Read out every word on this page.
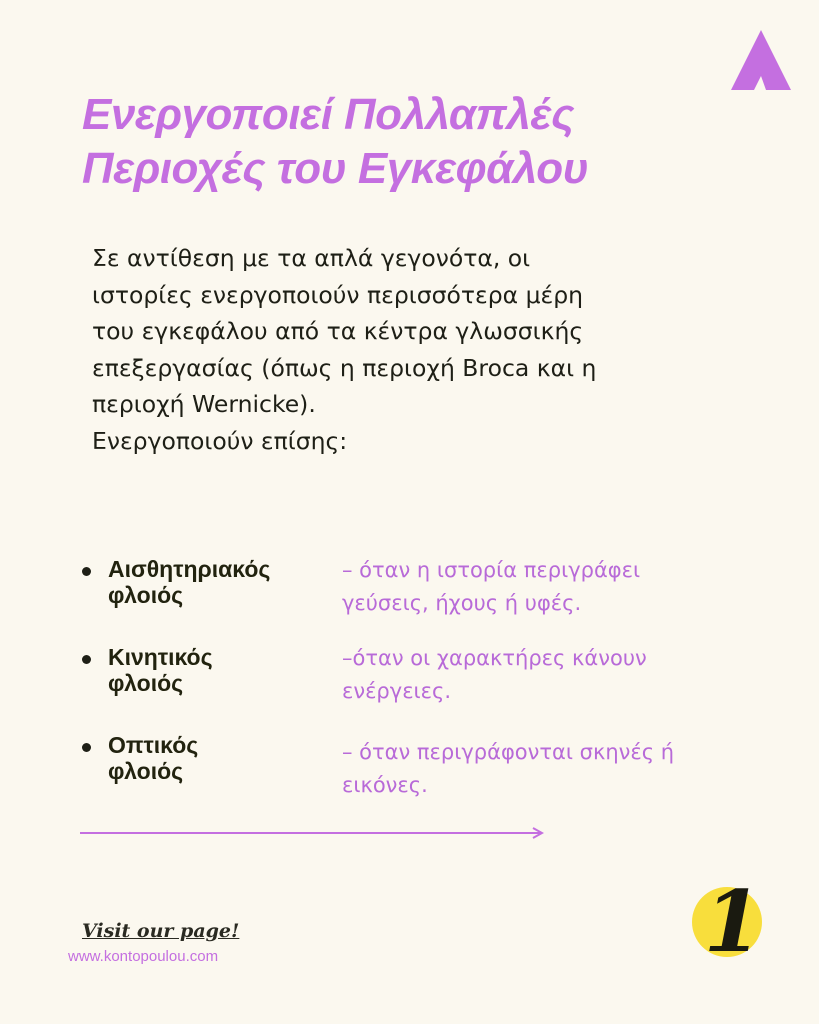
Ενεργοποιεί Πολλαπλές
Περιοχές του Εγκεφάλου
Σε αντίθεση με τα απλά γεγονότα, οι
ιστορίες ενεργοποιούν περισσότερα μέρη
του εγκεφάλου από τα κέντρα γλωσσικής
επεξεργασίας (όπως η περιοχή Broca και η
περιοχή Wernicke).
Ενεργοποιούν επίσης:
Αισθητηριακός
φλοιός
– όταν η ιστορία περιγράφει
γεύσεις, ήχους ή υφές.
Κινητικός
φλοιός
–όταν οι χαρακτήρες κάνουν
ενέργειες.
Οπτικός
φλοιός
– όταν περιγράφονται σκηνές ή
εικόνες.
Visit our page!
www.kontopoulou.com	1
